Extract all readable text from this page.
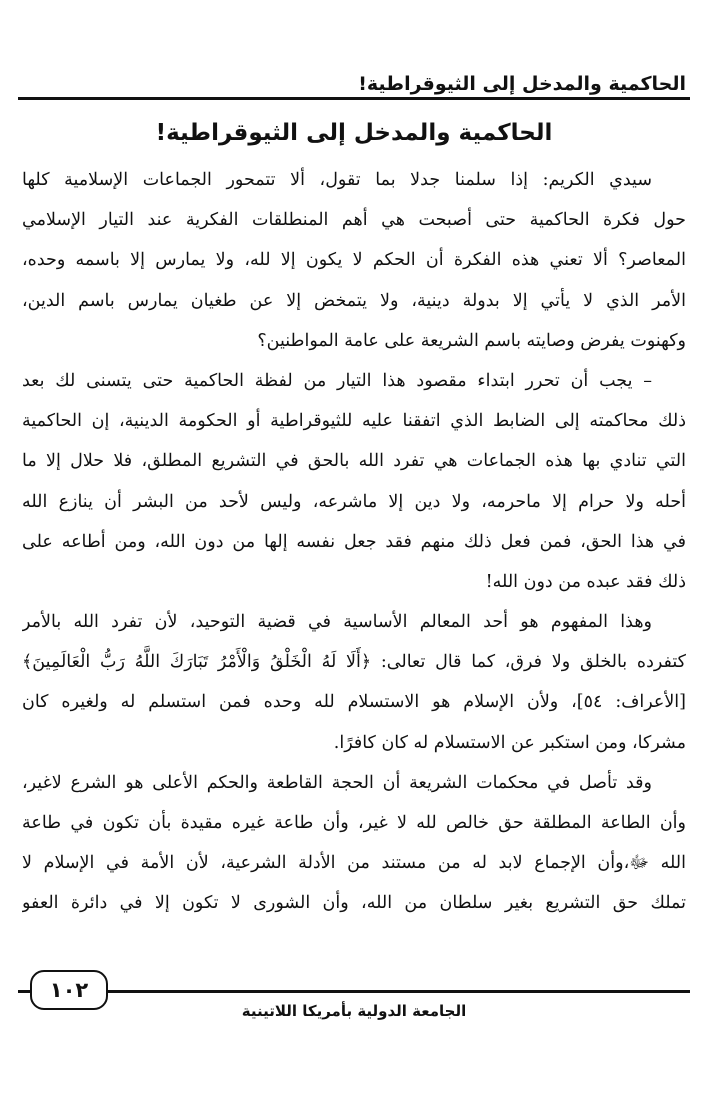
الحاكمية والمدخل إلى الثيوقراطية!
الحاكمية والمدخل إلى الثيوقراطية!
سيدي الكريم: إذا سلمنا جدلا بما تقول، ألا تتمحور الجماعات الإسلامية كلها
حول فكرة الحاكمية حتى أصبحت هي أهم المنطلقات الفكرية عند التيار الإسلامي
المعاصر؟ ألا تعني هذه الفكرة أن الحكم لا يكون إلا لله، ولا يمارس إلا باسمه وحده،
الأمر الذي لا يأتي إلا بدولة دينية، ولا يتمخض إلا عن طغيان يمارس باسم الدين،
وكهنوت يفرض وصايته باسم الشريعة على عامة المواطنين؟
– يجب أن تحرر ابتداء مقصود هذا التيار من لفظة الحاكمية حتى يتسنى لك بعد
ذلك محاكمته إلى الضابط الذي اتفقنا عليه للثيوقراطية أو الحكومة الدينية، إن الحاكمية
التي تنادي بها هذه الجماعات هي تفرد الله بالحق في التشريع المطلق، فلا حلال إلا ما
أحله ولا حرام إلا ماحرمه، ولا دين إلا ماشرعه، وليس لأحد من البشر أن ينازع الله
في هذا الحق، فمن فعل ذلك منهم فقد جعل نفسه إلها من دون الله، ومن أطاعه على
ذلك فقد عبده من دون الله!
وهذا المفهوم هو أحد المعالم الأساسية في قضية التوحيد، لأن تفرد الله بالأمر
كتفرده بالخلق ولا فرق، كما قال تعالى: ﴿أَلَا لَهُ الْخَلْقُ وَالْأَمْرُ تَبَارَكَ اللَّهُ رَبُّ الْعَالَمِينَ﴾
[الأعراف: ٥٤]، ولأن الإسلام هو الاستسلام لله وحده فمن استسلم له ولغيره كان
مشركا، ومن استكبر عن الاستسلام له كان كافرًا.
وقد تأصل في محكمات الشريعة أن الحجة القاطعة والحكم الأعلى هو الشرع لاغير،
وأن الطاعة المطلقة حق خالص لله لا غير، وأن طاعة غيره مقيدة بأن تكون في طاعة
الله ﷻ،وأن الإجماع لابد له من مستند من الأدلة الشرعية، لأن الأمة في الإسلام لا
تملك حق التشريع بغير سلطان من الله، وأن الشورى لا تكون إلا في دائرة العفو
١٠٢
الجامعة الدولية بأمريكا اللاتينية
